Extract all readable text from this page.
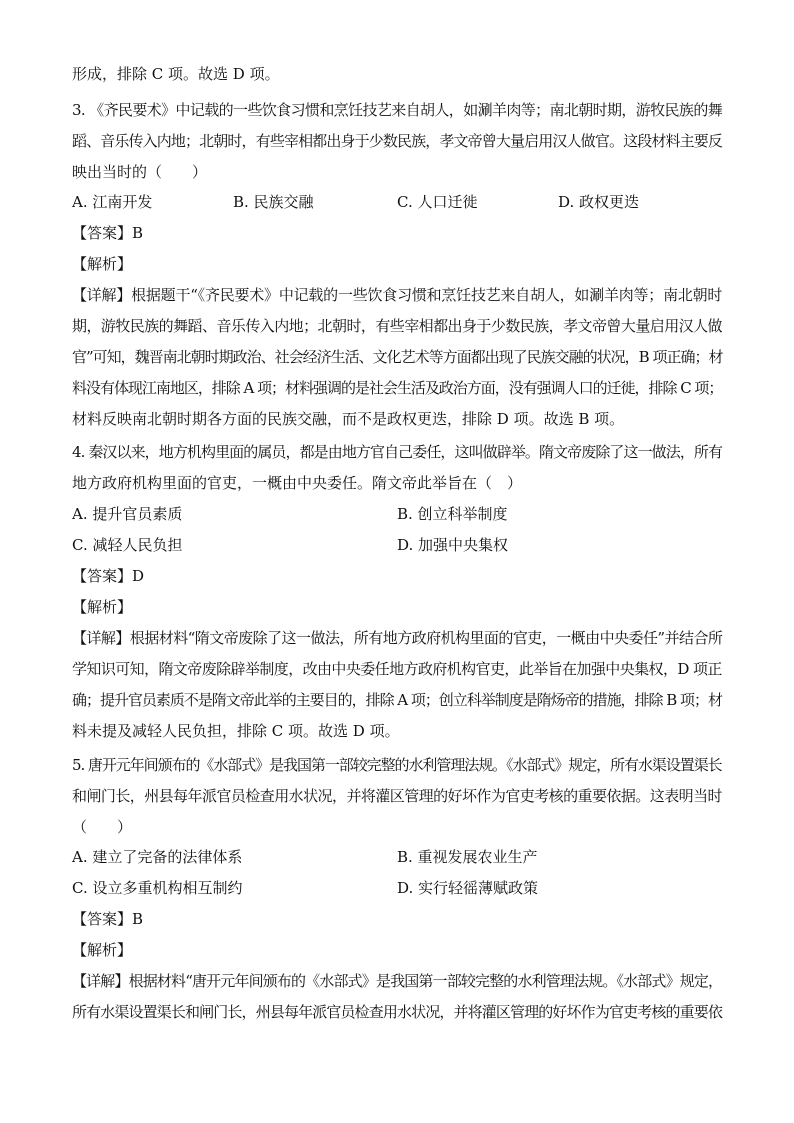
形成，排除 C 项。故选 D 项。
3. 《齐民要术》中记载的一些饮食习惯和烹饪技艺来自胡人，如涮羊肉等；南北朝时期，游牧民族的舞
蹈、音乐传入内地；北朝时，有些宰相都出身于少数民族，孝文帝曾大量启用汉人做官。这段材料主要反
映出当时的（　　）
A. 江南开发	B. 民族交融	C. 人口迁徙	D. 政权更迭
【答案】B
【解析】
【详解】根据题干“《齐民要术》中记载的一些饮食习惯和烹饪技艺来自胡人，如涮羊肉等；南北朝时
期，游牧民族的舞蹈、音乐传入内地；北朝时，有些宰相都出身于少数民族，孝文帝曾大量启用汉人做
官”可知，魏晋南北朝时期政治、社会经济生活、文化艺术等方面都出现了民族交融的状况，B 项正确；材
料没有体现江南地区，排除 A 项；材料强调的是社会生活及政治方面，没有强调人口的迁徙，排除 C 项；
材料反映南北朝时期各方面的民族交融，而不是政权更迭，排除 D 项。故选 B 项。
4. 秦汉以来，地方机构里面的属员，都是由地方官自己委任，这叫做辟举。隋文帝废除了这一做法，所有
地方政府机构里面的官吏，一概由中央委任。隋文帝此举旨在（　）
A. 提升官员素质	B. 创立科举制度
C. 减轻人民负担	D. 加强中央集权
【答案】D
【解析】
【详解】根据材料“隋文帝废除了这一做法，所有地方政府机构里面的官吏，一概由中央委任”并结合所
学知识可知，隋文帝废除辟举制度，改由中央委任地方政府机构官吏，此举旨在加强中央集权，D 项正
确；提升官员素质不是隋文帝此举的主要目的，排除 A 项；创立科举制度是隋炀帝的措施，排除 B 项；材
料未提及减轻人民负担，排除 C 项。故选 D 项。
5. 唐开元年间颁布的《水部式》是我国第一部较完整的水利管理法规。《水部式》规定，所有水渠设置渠长
和闸门长，州县每年派官员检查用水状况，并将灌区管理的好坏作为官吏考核的重要依据。这表明当时
（　　）
A. 建立了完备的法律体系	B. 重视发展农业生产
C. 设立多重机构相互制约	D. 实行轻徭薄赋政策
【答案】B
【解析】
【详解】根据材料“唐开元年间颁布的《水部式》是我国第一部较完整的水利管理法规。《水部式》规定，
所有水渠设置渠长和闸门长，州县每年派官员检查用水状况，并将灌区管理的好坏作为官吏考核的重要依
